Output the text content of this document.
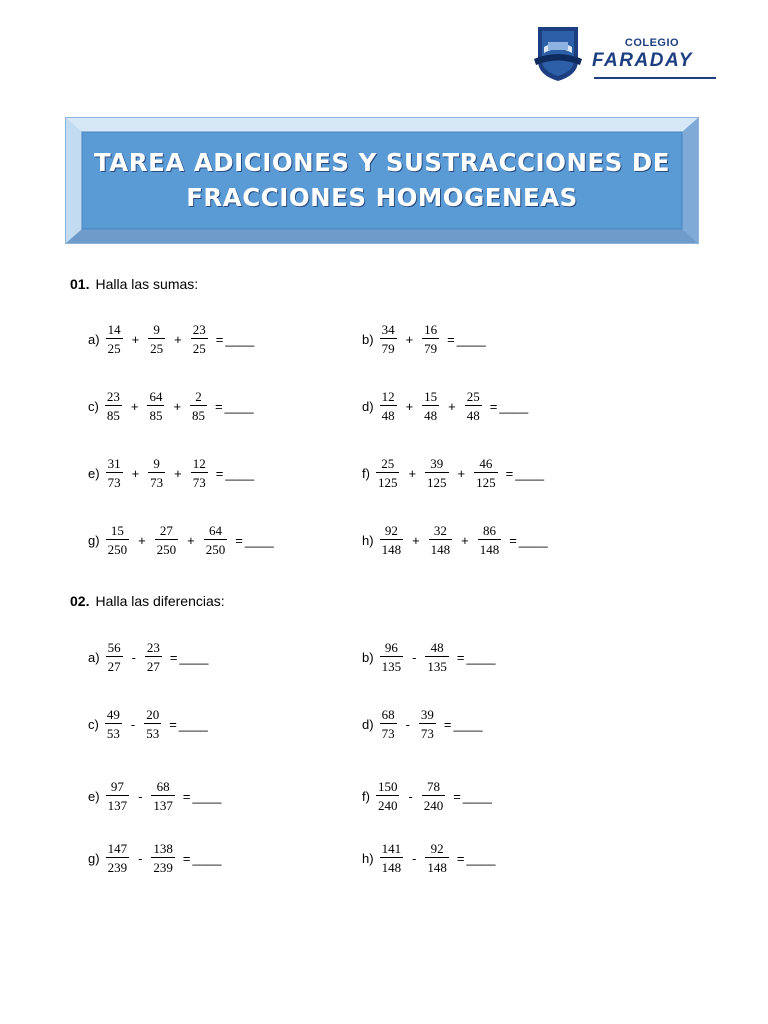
COLEGIO
FARADAY
TAREA ADICIONES Y SUSTRACCIONES DE
FRACCIONES HOMOGENEAS
01. Halla las sumas:
02. Halla las diferencias:
$a) \frac{14}{25} + \frac{9}{25} + \frac{23}{25}$ = ____	$b) \frac{34}{79} + \frac{16}{79}$ = ____
$c) \frac{23}{85} + \frac{64}{85} + \frac{2}{85}$ = ____	$d) \frac{12}{48} + \frac{15}{48} + \frac{25}{48}$ = ____
$e) \frac{31}{73} + \frac{9}{73} + \frac{12}{73}$ = ____	$f) \frac{25}{125} + \frac{39}{125} + \frac{46}{125}$ = ____
$g) \frac{15}{250} + \frac{27}{250} + \frac{64}{250}$ = ____	$h) \frac{92}{148} + \frac{32}{148} + \frac{86}{148}$ = ____
$a) \frac{56}{27} - \frac{23}{27}$ = ____	$b) \frac{96}{135} - \frac{48}{135}$ = ____
$c) \frac{49}{53} - \frac{20}{53}$ = ____	$d) \frac{68}{73} - \frac{39}{73}$ = ____
$e) \frac{97}{137} - \frac{68}{137}$ = ____	$f) \frac{150}{240} - \frac{78}{240}$ = ____
$g) \frac{147}{239} - \frac{138}{239}$ = ____	$h) \frac{141}{148} - \frac{92}{148}$ = ____
